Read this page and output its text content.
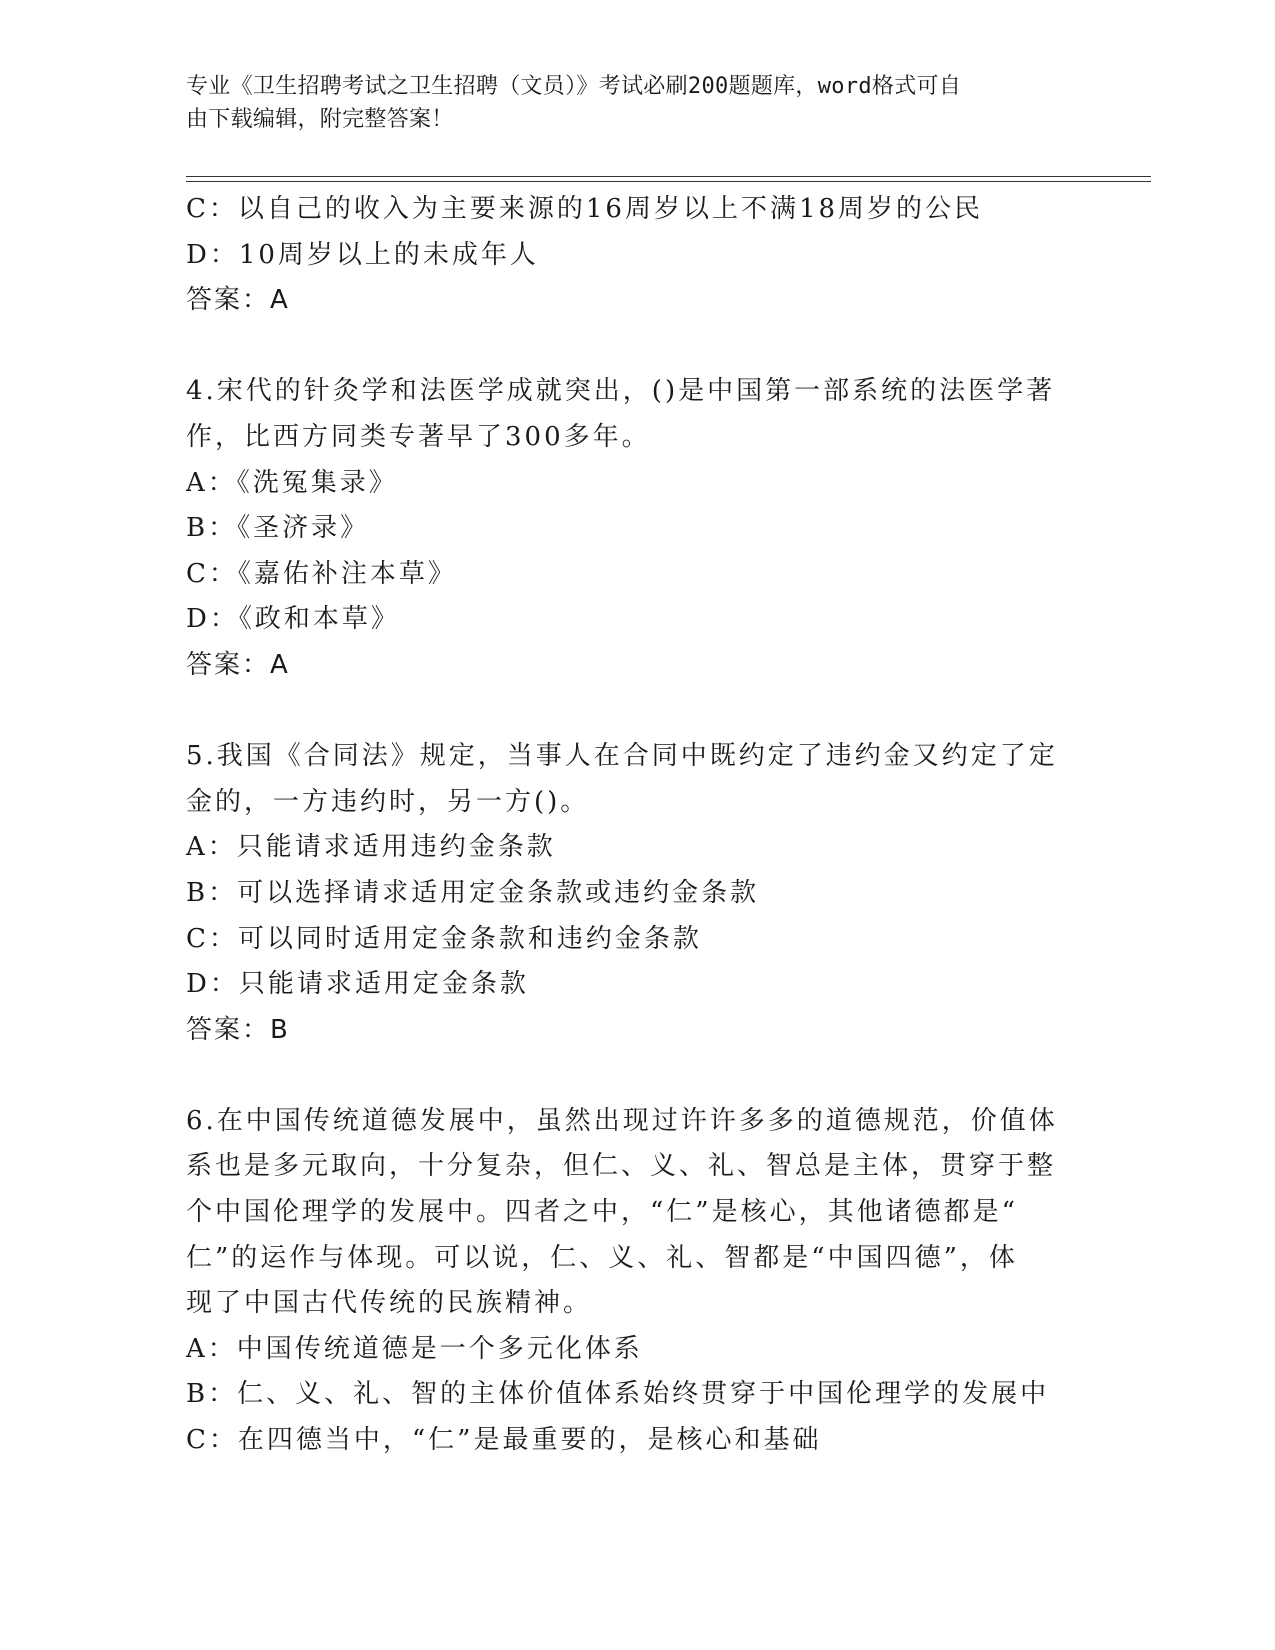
专业《卫生招聘考试之卫生招聘（文员）》考试必刷200题题库，word格式可自
由下载编辑，附完整答案！

C：以自己的收入为主要来源的16周岁以上不满18周岁的公民

D：10周岁以上的未成年人

答案：A

4.宋代的针灸学和法医学成就突出，()是中国第一部系统的法医学著

作，比西方同类专著早了300多年。

A：《洗冤集录》

B：《圣济录》

C：《嘉佑补注本草》

D：《政和本草》

答案：A

5.我国《合同法》规定，当事人在合同中既约定了违约金又约定了定

金的，一方违约时，另一方()。

A：只能请求适用违约金条款

B：可以选择请求适用定金条款或违约金条款

C：可以同时适用定金条款和违约金条款

D：只能请求适用定金条款

答案：B

6.在中国传统道德发展中，虽然出现过许许多多的道德规范，价值体

系也是多元取向，十分复杂，但仁、义、礼、智总是主体，贯穿于整

个中国伦理学的发展中。四者之中，“仁”是核心，其他诸德都是“

仁”的运作与体现。可以说，仁、义、礼、智都是“中国四德”，体

现了中国古代传统的民族精神。

A：中国传统道德是一个多元化体系

B：仁、义、礼、智的主体价值体系始终贯穿于中国伦理学的发展中

C：在四德当中，“仁”是最重要的，是核心和基础
